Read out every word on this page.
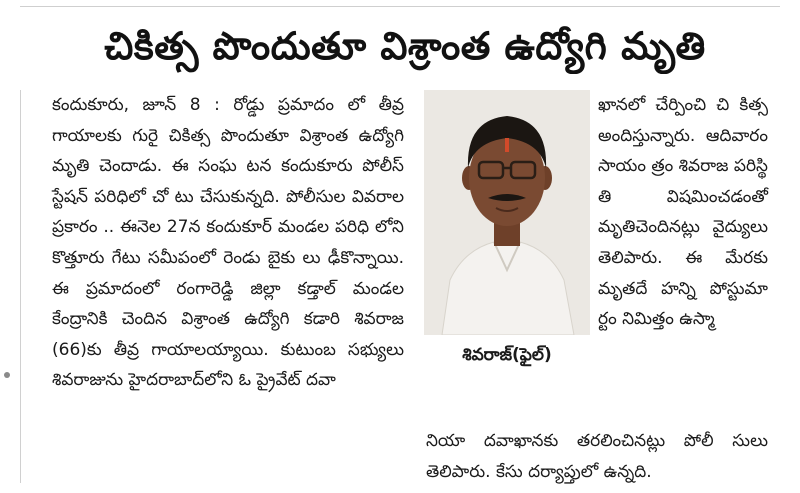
చికిత్స పొందుతూ విశ్రాంత ఉద్యోగి మృతి

కందుకూరు, జూన్ 8 : రోడ్డు ప్రమాదం లో తీవ్ర గాయాలకు గురై చికిత్స పొందుతూ విశ్రాంత ఉద్యోగి మృతి చెందాడు. ఈ సంఘ టన కందుకూరు పోలీస్ స్టేషన్ పరిధిలో చో టు చేసుకున్నది. పోలీసుల వివరాల ప్రకారం .. ఈనెల 27న కందుకూర్ మండల పరిధి లోని కొత్తూరు గేటు సమీపంలో రెండు బైకు లు ఢీకొన్నాయి. ఈ ప్రమాదంలో రంగారెడ్డి జిల్లా కడ్తాల్ మండల కేంద్రానికి చెందిన విశ్రాంత ఉద్యోగి కడారి శివరాజ (66)కు తీవ్ర గాయాలయ్యాయి. కుటుంబ సభ్యులు శివరాజును హైదరాబాద్‌లోని ఓ ప్రైవేట్ దవా

శివరాజ్(ఫైల్)

ఖానలో చేర్పించి చి కిత్స అందిస్తున్నారు. ఆదివారం సాయం త్రం శివరాజ పరిస్థి తి విషమించడంతో మృతిచెందినట్లు వైద్యులు తెలిపారు. ఈ మేరకు మృతదే హన్ని పోస్టుమా ర్టం నిమిత్తం ఉస్మా

నియా దవాఖానకు తరలించినట్లు పోలీ సులు తెలిపారు. కేసు దర్యాప్తులో ఉన్నది.
